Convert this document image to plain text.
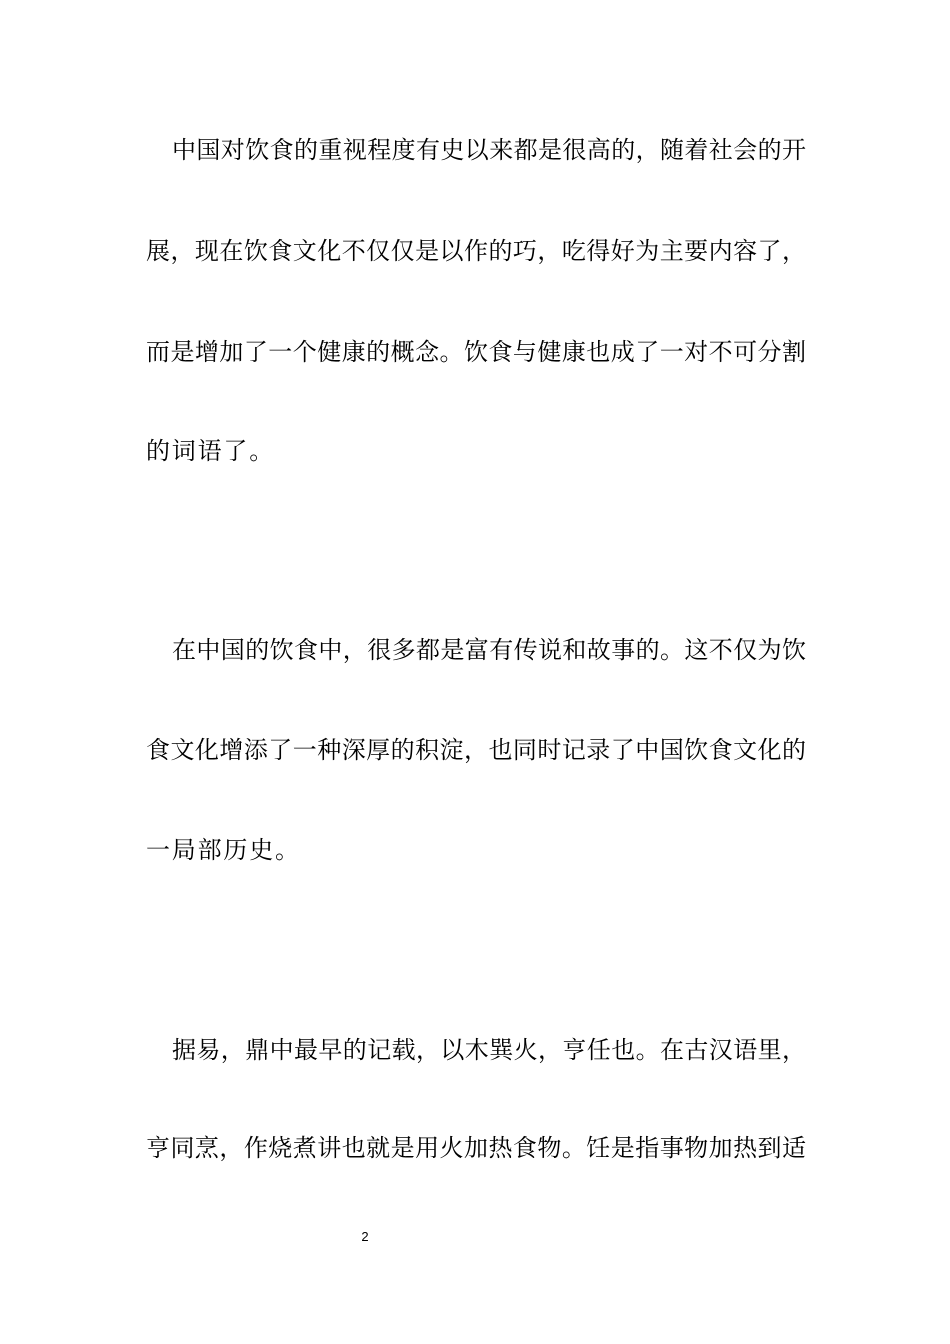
中国对饮食的重视程度有史以来都是很高的，随着社会的开
展，现在饮食文化不仅仅是以作的巧，吃得好为主要内容了，
而是增加了一个健康的概念。饮食与健康也成了一对不可分割
的词语了。
在中国的饮食中，很多都是富有传说和故事的。这不仅为饮
食文化增添了一种深厚的积淀，也同时记录了中国饮食文化的
一局部历史。
据易，鼎中最早的记载，以木巽火，亨任也。在古汉语里，
亨同烹，作烧煮讲也就是用火加热食物。饪是指事物加热到适
2
